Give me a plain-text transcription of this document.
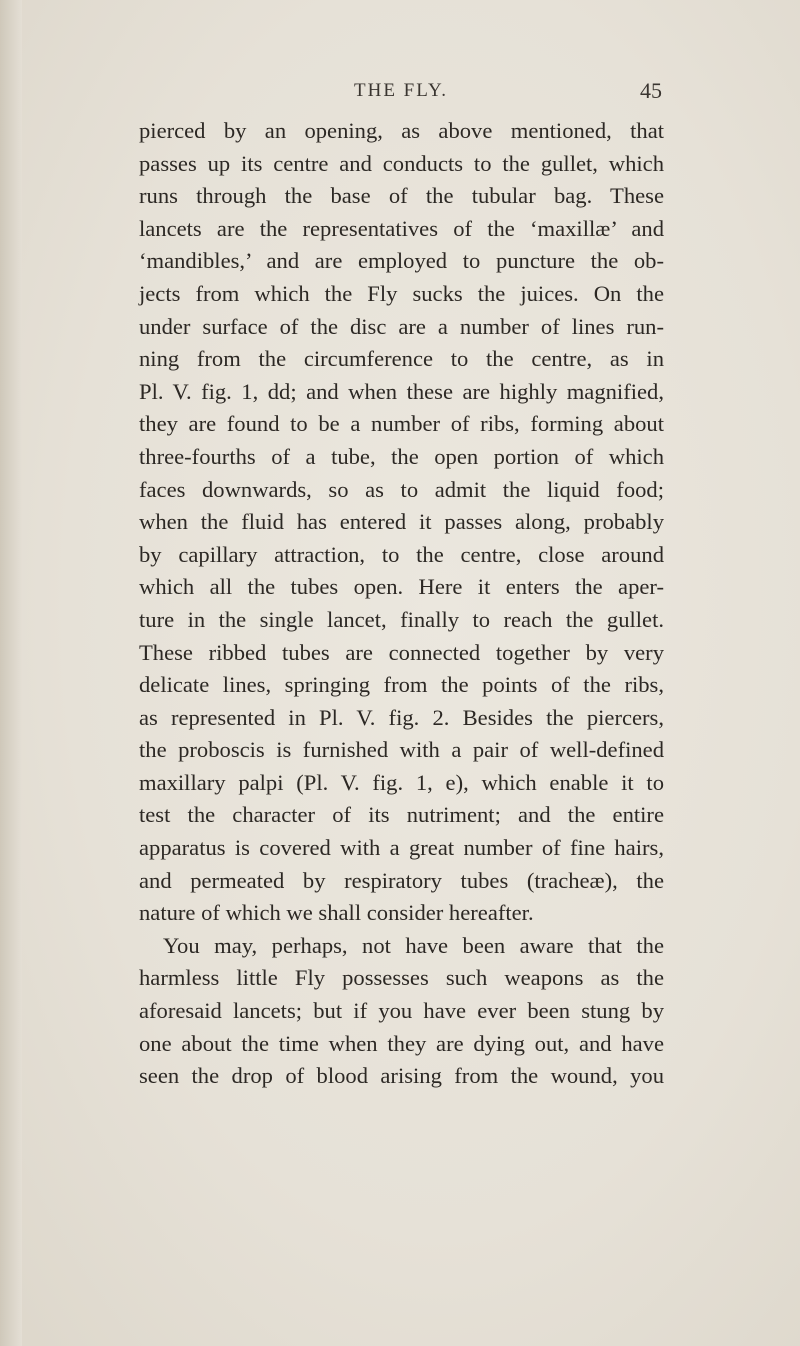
THE FLY.	45
pierced by an opening, as above mentioned, that
passes up its centre and conducts to the gullet, which
runs through the base of the tubular bag. These
lancets are the representatives of the ‘maxillæ’ and
‘mandibles,’ and are employed to puncture the ob-
jects from which the Fly sucks the juices. On the
under surface of the disc are a number of lines run-
ning from the circumference to the centre, as in
Pl. V. fig. 1, dd; and when these are highly magnified,
they are found to be a number of ribs, forming about
three-fourths of a tube, the open portion of which
faces downwards, so as to admit the liquid food;
when the fluid has entered it passes along, probably
by capillary attraction, to the centre, close around
which all the tubes open. Here it enters the aper-
ture in the single lancet, finally to reach the gullet.
These ribbed tubes are connected together by very
delicate lines, springing from the points of the ribs,
as represented in Pl. V. fig. 2. Besides the piercers,
the proboscis is furnished with a pair of well-defined
maxillary palpi (Pl. V. fig. 1, e), which enable it to
test the character of its nutriment; and the entire
apparatus is covered with a great number of fine hairs,
and permeated by respiratory tubes (tracheæ), the
nature of which we shall consider hereafter.
You may, perhaps, not have been aware that the
harmless little Fly possesses such weapons as the
aforesaid lancets; but if you have ever been stung by
one about the time when they are dying out, and have
seen the drop of blood arising from the wound, you
